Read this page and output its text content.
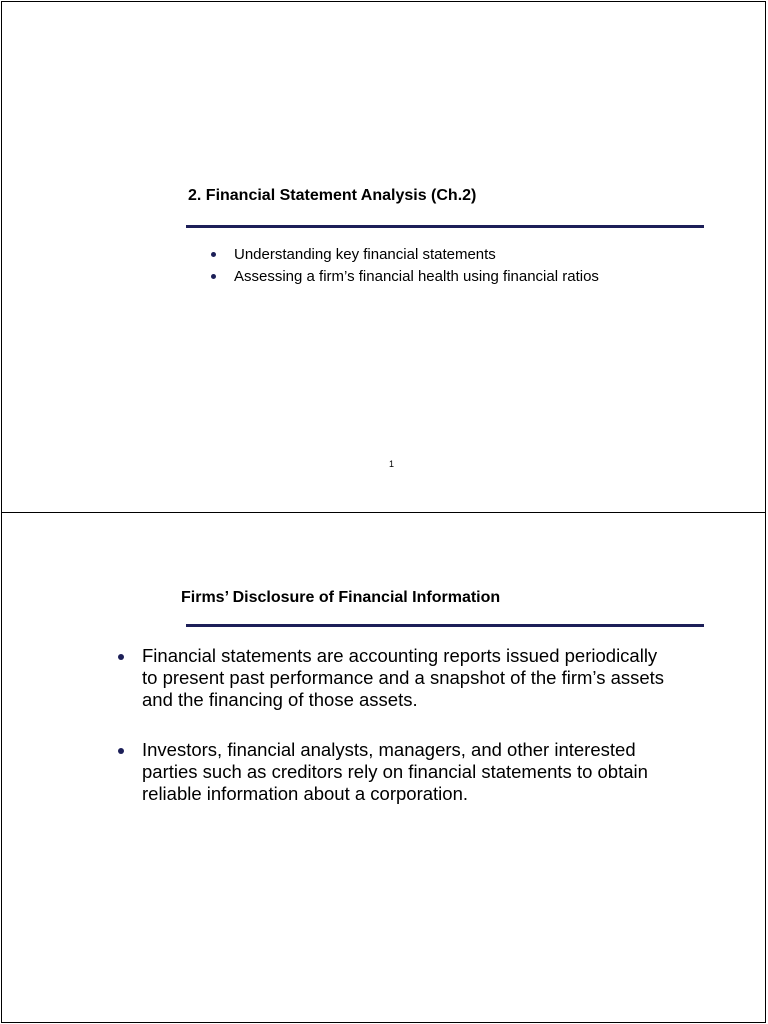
2. Financial Statement Analysis (Ch.2)
Understanding key financial statements
Assessing a firm’s financial health using financial ratios
1
Firms’ Disclosure of Financial Information
Financial statements are accounting reports issued periodically to present past performance and a snapshot of the firm’s assets and the financing of those assets.
Investors, financial analysts, managers, and other interested parties such as creditors rely on financial statements to obtain reliable information about a corporation.
